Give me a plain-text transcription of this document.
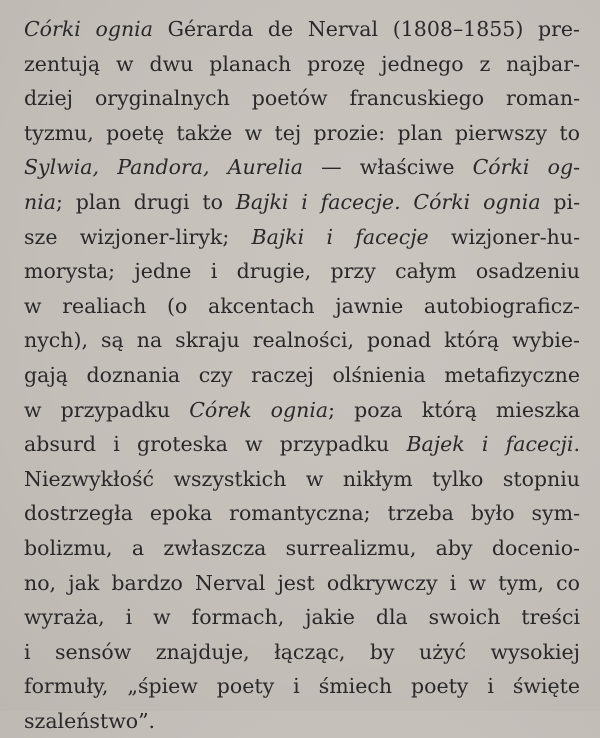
Córki ognia Gérarda de Nerval (1808–1855) pre-
zentują w dwu planach prozę jednego z najbar-
dziej oryginalnych poetów francuskiego roman-
tyzmu, poetę także w tej prozie: plan pierwszy to
Sylwia, Pandora, Aurelia — właściwe Córki og-
nia; plan drugi to Bajki i facecje. Córki ognia pi-
sze wizjoner-liryk; Bajki i facecje wizjoner-hu-
morysta; jedne i drugie, przy całym osadzeniu
w realiach (o akcentach jawnie autobiograficz-
nych), są na skraju realności, ponad którą wybie-
gają doznania czy raczej olśnienia metafizyczne
w przypadku Córek ognia; poza którą mieszka
absurd i groteska w przypadku Bajek i facecji.
Niezwykłość wszystkich w nikłym tylko stopniu
dostrzegła epoka romantyczna; trzeba było sym-
bolizmu, a zwłaszcza surrealizmu, aby docenio-
no, jak bardzo Nerval jest odkrywczy i w tym, co
wyraża, i w formach, jakie dla swoich treści
i sensów znajduje, łącząc, by użyć wysokiej
formuły, „śpiew poety i śmiech poety i święte
szaleństwo”.
